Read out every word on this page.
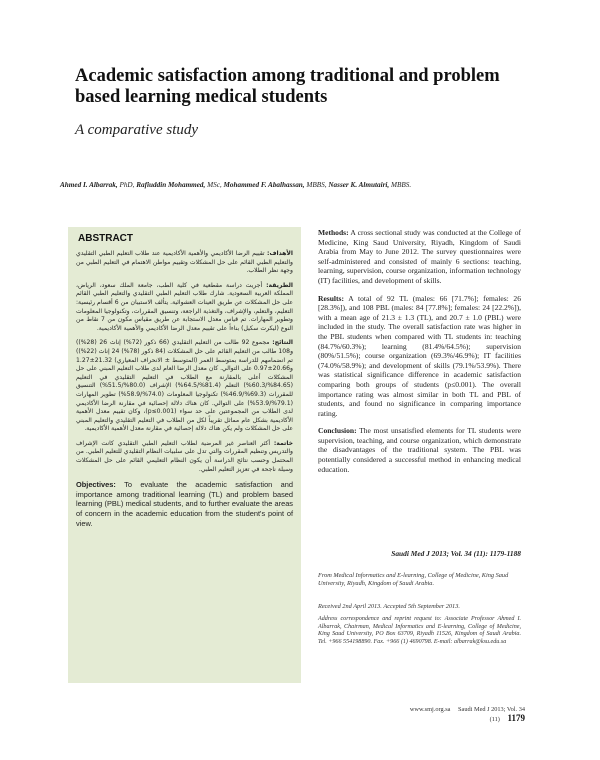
Academic satisfaction among traditional and problem based learning medical students
A comparative study
Ahmed I. Albarrak, PhD, Rafiuddin Mohammed, MSc, Mohammed F. Abalhassan, MBBS, Nasser K. Almutairi, MBBS.
ABSTRACT

الأهداف: تقييم الرضا الأكاديمي والأهمية الأكاديمية عند طلاب التعليم الطبي التقليدي والتعليم الطبي القائم على حل المشكلات وتقييم مواطن الاهتمام في التعليم الطبي من وجهة نظر الطلاب.

الطريقة: أجريت دراسة مقطعية في كلية الطب، جامعة الملك سعود، الرياض، المملكة العربية السعودية. شارك طلاب التعليم الطبي التقليدي والتعليم الطبي القائم على حل المشكلات عن طريق العينات العشوائية. يتألف الاستبيان من 6 أقسام رئيسية: التعليم، والتعلم، والإشراف، والتغذية الراجعة، وتنسيق المقررات، وتكنولوجيا المعلومات وتطوير المهارات. تم قياس معدل الاستجابة عن طريق مقياس مكون من 7 نقاط من النوع (ليكرت سكيل) بناءاً على تقييم معدل الرضا الأكاديمي والأهمية الأكاديمية.

النتائج: مجموع 92 طالب من التعليم التقليدي (66 ذكور (72%) إناث 26 (28%)) و108 طالب من التعليم القائم على حل المشكلات (84 ذكور (78%) 24 إناث (22%)) تم انضمامهم للدراسة بمتوسط العمر (المتوسط ± الانحراف المعياري) 21.32±1.27 و20.66±0.97 على التوالي. كان معدل الرضا العام لدى طلاب التعليم المبني على حل المشكلات أعلى بالمقارنة مع الطلاب في التعليم التقليدي في التعليم (84.65%/60.3%) التعلم (81.4%/64.5%) الإشراف (80.0%/51.5%) التنسيق للمقررات (69.3%/46.9%) تكنولوجيا المعلومات (74.0%/58.9%) تطوير المهارات (79.1%/53.9%) على التوالي. كان هناك دلالة إحصائية في مقارنة الرضا الأكاديمي لدى الطلاب من المجموعتين على حد سواء (p≤0.001)، وكان تقييم معدل الأهمية الأكاديمية بشكل عام مماثل تقريباً لكل من الطلاب في التعليم التقليدي والتعليم المبني على حل المشكلات ولم يكن هناك دلالة إحصائية في مقارنة معدل الأهمية الأكاديمية.

خاتمة: أكثر العناصر غير المرضية لطلاب التعليم الطبي التقليدي كانت الإشراف والتدريس وتنظيم المقررات والتي تدل على سلبيات النظام التقليدي للتعليم الطبي. من المحتمل وحسب نتائج الدراسة أن يكون النظام التعليمي القائم على حل المشكلات وسيلة ناجحة في تعزيز التعليم الطبي.

Objectives: To evaluate the academic satisfaction and importance among traditional learning (TL) and problem based learning (PBL) medical students, and to further evaluate the areas of concern in the academic education from the student's point of view.

Methods: A cross sectional study was conducted at the College of Medicine, King Saud University, Riyadh, Kingdom of Saudi Arabia from May to June 2012. The survey questionnaires were self-administered and consisted of mainly 6 sections: teaching, learning, supervision, course organization, information technology (IT) facilities, and development of skills.

Results: A total of 92 TL (males: 66 [71.7%]; females: 26 [28.3%]), and 108 PBL (males: 84 [77.8%]; females: 24 [22.2%]), with a mean age of 21.3 ± 1.3 (TL), and 20.7 ± 1.0 (PBL) were included in the study. The overall satisfaction rate was higher in the PBL students when compared with TL students in: teaching (84.7%/60.3%); learning (81.4%/64.5%); supervision (80%/51.5%); course organization (69.3%/46.9%); IT facilities (74.0%/58.9%); and development of skills (79.1%/53.9%). There was statistical significance difference in academic satisfaction comparing both groups of students (p≤0.001). The overall importance rating was almost similar in both TL and PBL of students, and found no significance in comparing importance rating.

Conclusion: The most unsatisfied elements for TL students were supervision, teaching, and course organization, which demonstrate the disadvantages of the traditional system. The PBL was potentially considered a successful method in enhancing medical education.

Saudi Med J 2013; Vol. 34 (11): 1179-1188
From Medical Informatics and E-learning, College of Medicine, King Saud University, Riyadh, Kingdom of Saudi Arabia.
Received 2nd April 2013. Accepted 5th September 2013.
Address correspondence and reprint request to: Associate Professor Ahmed I. Albarrak, Chairman, Medical Informatics and E-learning, College of Medicine, King Saud University, PO Box 63709, Riyadh 11526, Kingdom of Saudi Arabia. Tel. +966 554198890. Fax. +966 (1) 4690798. E-mail: albarrak@ksu.edu.sa
www.smj.org.sa Saudi Med J 2013; Vol. 34 (11) 1179
